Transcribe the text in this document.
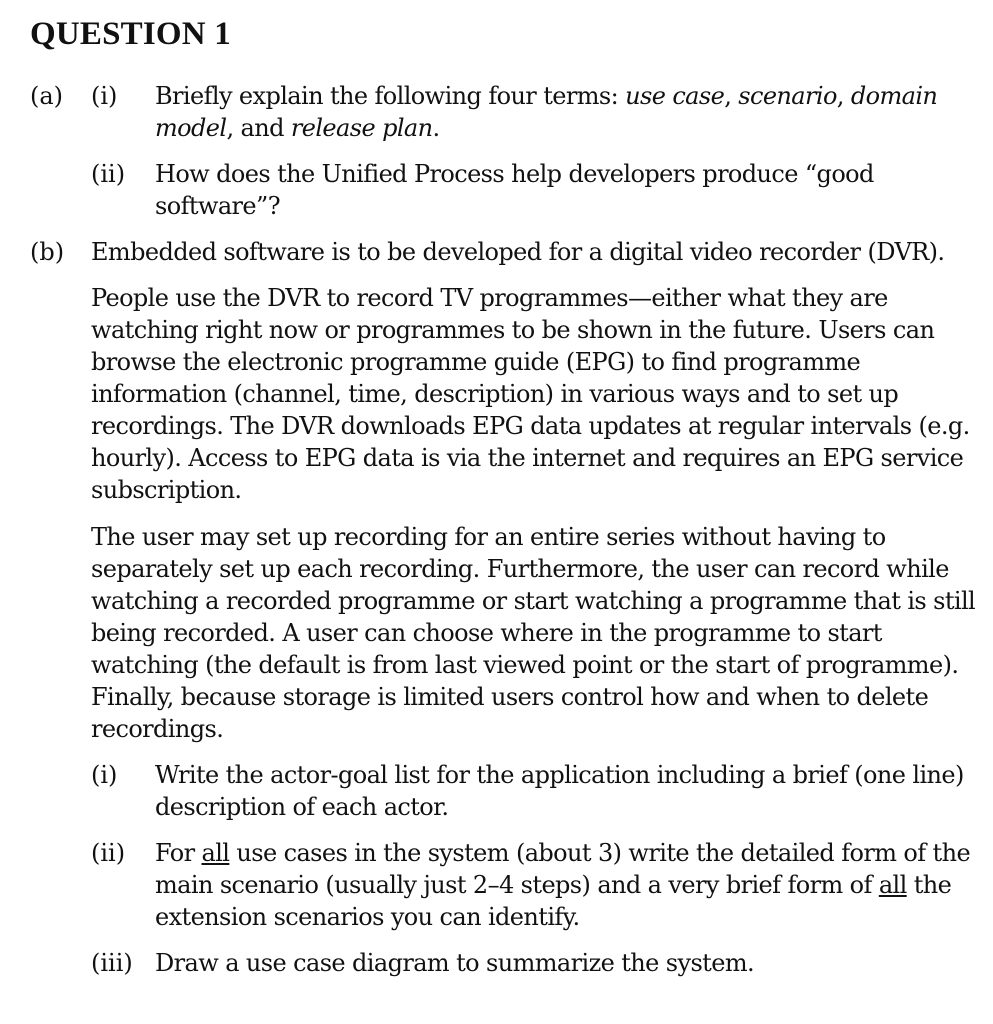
QUESTION 1
(a) (i) Briefly explain the following four terms: use case, scenario, domain model, and release plan.
(ii) How does the Unified Process help developers produce “good software”?
(b) Embedded software is to be developed for a digital video recorder (DVR).
People use the DVR to record TV programmes—either what they are watching right now or programmes to be shown in the future. Users can browse the electronic programme guide (EPG) to find programme information (channel, time, description) in various ways and to set up recordings. The DVR downloads EPG data updates at regular intervals (e.g. hourly). Access to EPG data is via the internet and requires an EPG service subscription.
The user may set up recording for an entire series without having to separately set up each recording. Furthermore, the user can record while watching a recorded programme or start watching a programme that is still being recorded. A user can choose where in the programme to start watching (the default is from last viewed point or the start of programme). Finally, because storage is limited users control how and when to delete recordings.
(i) Write the actor-goal list for the application including a brief (one line) description of each actor.
(ii) For all use cases in the system (about 3) write the detailed form of the main scenario (usually just 2–4 steps) and a very brief form of all the extension scenarios you can identify.
(iii) Draw a use case diagram to summarize the system.
